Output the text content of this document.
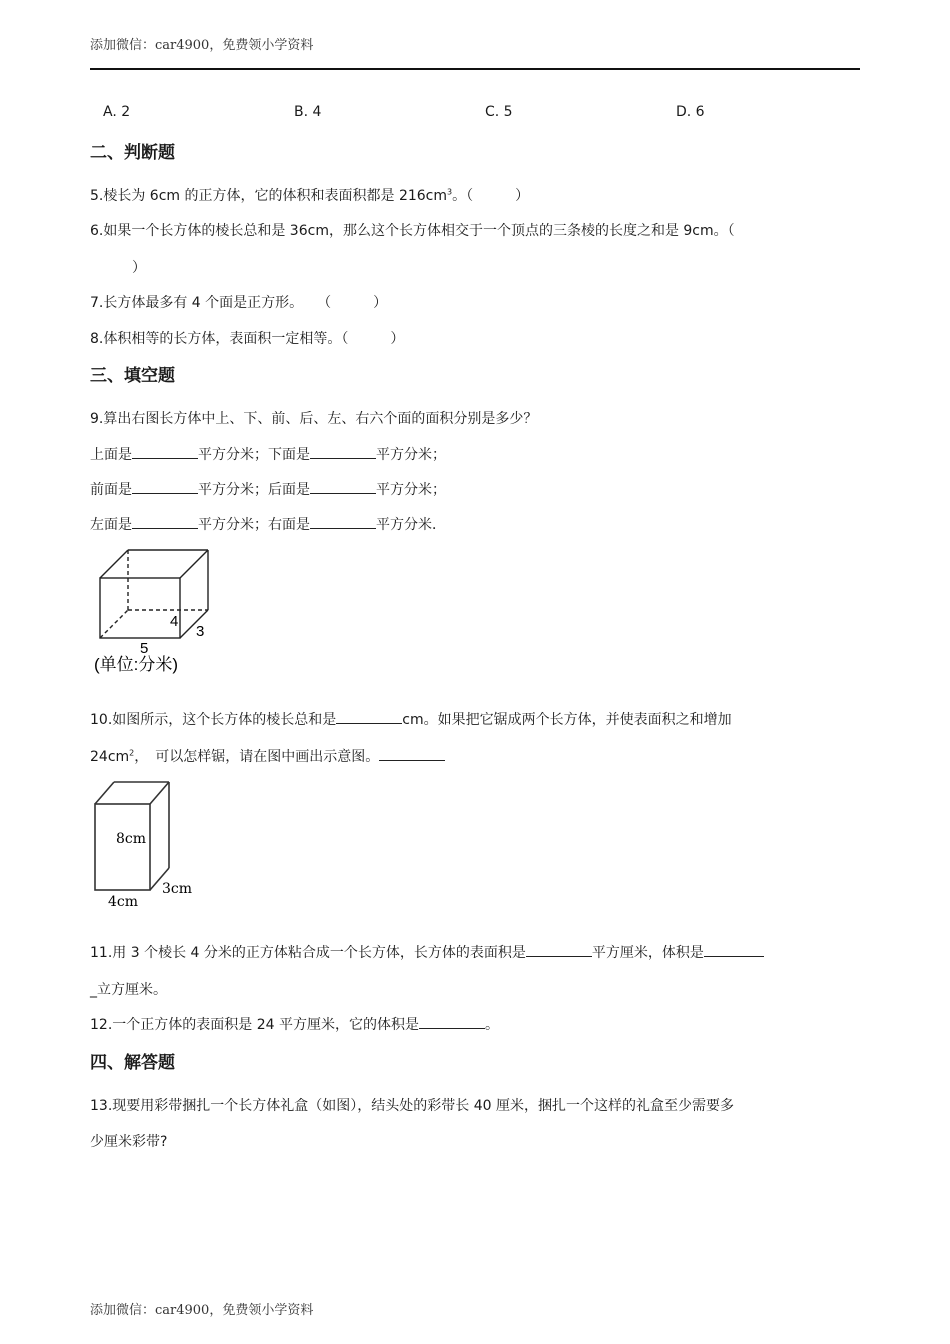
添加微信：car4900，免费领小学资料
A. 2	B. 4	C. 5	D. 6
二、判断题
5.棱长为 6cm 的正方体，它的体积和表面积都是 $216cm^3$。（　　　）
6.如果一个长方体的棱长总和是 36cm，那么这个长方体相交于一个顶点的三条棱的长度之和是 9cm。（
）
7.长方体最多有 4 个面是正方形。　　（　　　）
8.体积相等的长方体，表面积一定相等。（　　　）
三、填空题
9.算出右图长方体中上、下、前、后、左、右六个面的面积分别是多少？
上面是	平方分米；下面是	平方分米；
前面是	平方分米；后面是	平方分米；
左面是	平方分米；右面是	平方分米．
4
3
5
(单位:分米)
10.如图所示，这个长方体的棱长总和是	cm。如果把它锯成两个长方体，并使表面积之和增加
$24cm^2$，　可以怎样锯，请在图中画出示意图。
8cm
4cm
3cm
11.用 3 个棱长 4 分米的正方体粘合成一个长方体，长方体的表面积是	平方厘米，体积是
_立方厘米。
12.一个正方体的表面积是 24 平方厘米，它的体积是	。
四、解答题
13.现要用彩带捆扎一个长方体礼盒（如图），结头处的彩带长 40 厘米，捆扎一个这样的礼盒至少需要多
少厘米彩带?
添加微信：car4900，免费领小学资料
